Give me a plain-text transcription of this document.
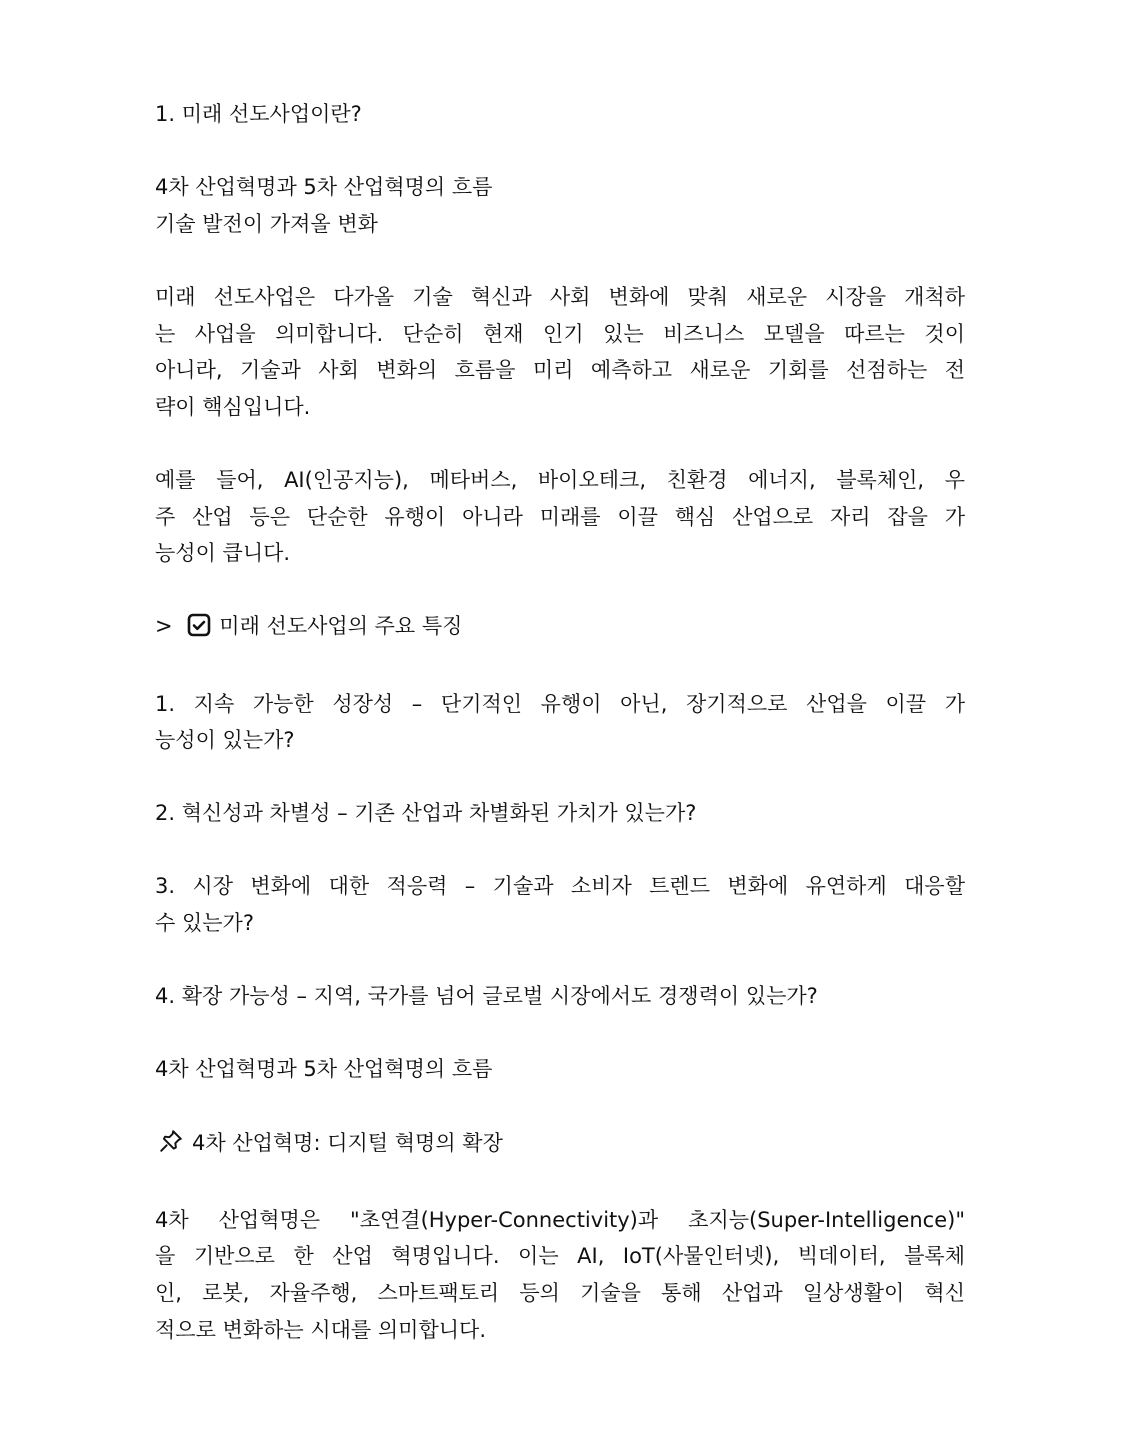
1. 미래 선도사업이란?

4차 산업혁명과 5차 산업혁명의 흐름
기술 발전이 가져올 변화

미래 선도사업은 다가올 기술 혁신과 사회 변화에 맞춰 새로운 시장을 개척하
는 사업을 의미합니다. 단순히 현재 인기 있는 비즈니스 모델을 따르는 것이
아니라, 기술과 사회 변화의 흐름을 미리 예측하고 새로운 기회를 선점하는 전
략이 핵심입니다.

예를 들어, AI(인공지능), 메타버스, 바이오테크, 친환경 에너지, 블록체인, 우
주 산업 등은 단순한 유행이 아니라 미래를 이끌 핵심 산업으로 자리 잡을 가
능성이 큽니다.

> 미래 선도사업의 주요 특징

1. 지속 가능한 성장성 – 단기적인 유행이 아닌, 장기적으로 산업을 이끌 가
능성이 있는가?

2. 혁신성과 차별성 – 기존 산업과 차별화된 가치가 있는가?

3. 시장 변화에 대한 적응력 – 기술과 소비자 트렌드 변화에 유연하게 대응할
수 있는가?

4. 확장 가능성 – 지역, 국가를 넘어 글로벌 시장에서도 경쟁력이 있는가?

4차 산업혁명과 5차 산업혁명의 흐름

4차 산업혁명: 디지털 혁명의 확장

4차 산업혁명은 "초연결(Hyper-Connectivity)과 초지능(Super-Intelligence)"
을 기반으로 한 산업 혁명입니다. 이는 AI, IoT(사물인터넷), 빅데이터, 블록체
인, 로봇, 자율주행, 스마트팩토리 등의 기술을 통해 산업과 일상생활이 혁신
적으로 변화하는 시대를 의미합니다.
